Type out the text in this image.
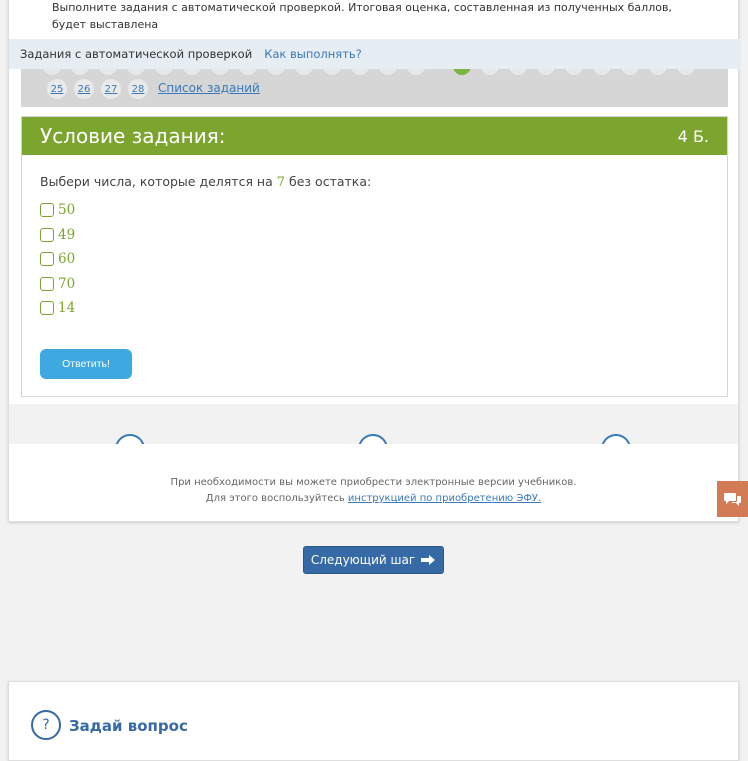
Выполните задания с автоматической проверкой. Итоговая оценка, составленная из полученных баллов, будет выставлена
Задания с автоматической проверкой Как выполнять?
25	26	27	28	Список заданий
Условие задания:	4 Б.
Выбери числа, которые делятся на 7 без остатка:
50
49
60
70
14
Ответить!
При необходимости вы можете приобрести электронные версии учебников.
Для этого воспользуйтесь инструкцией по приобретению ЭФУ.
Следующий шаг
?	Задай вопрос
